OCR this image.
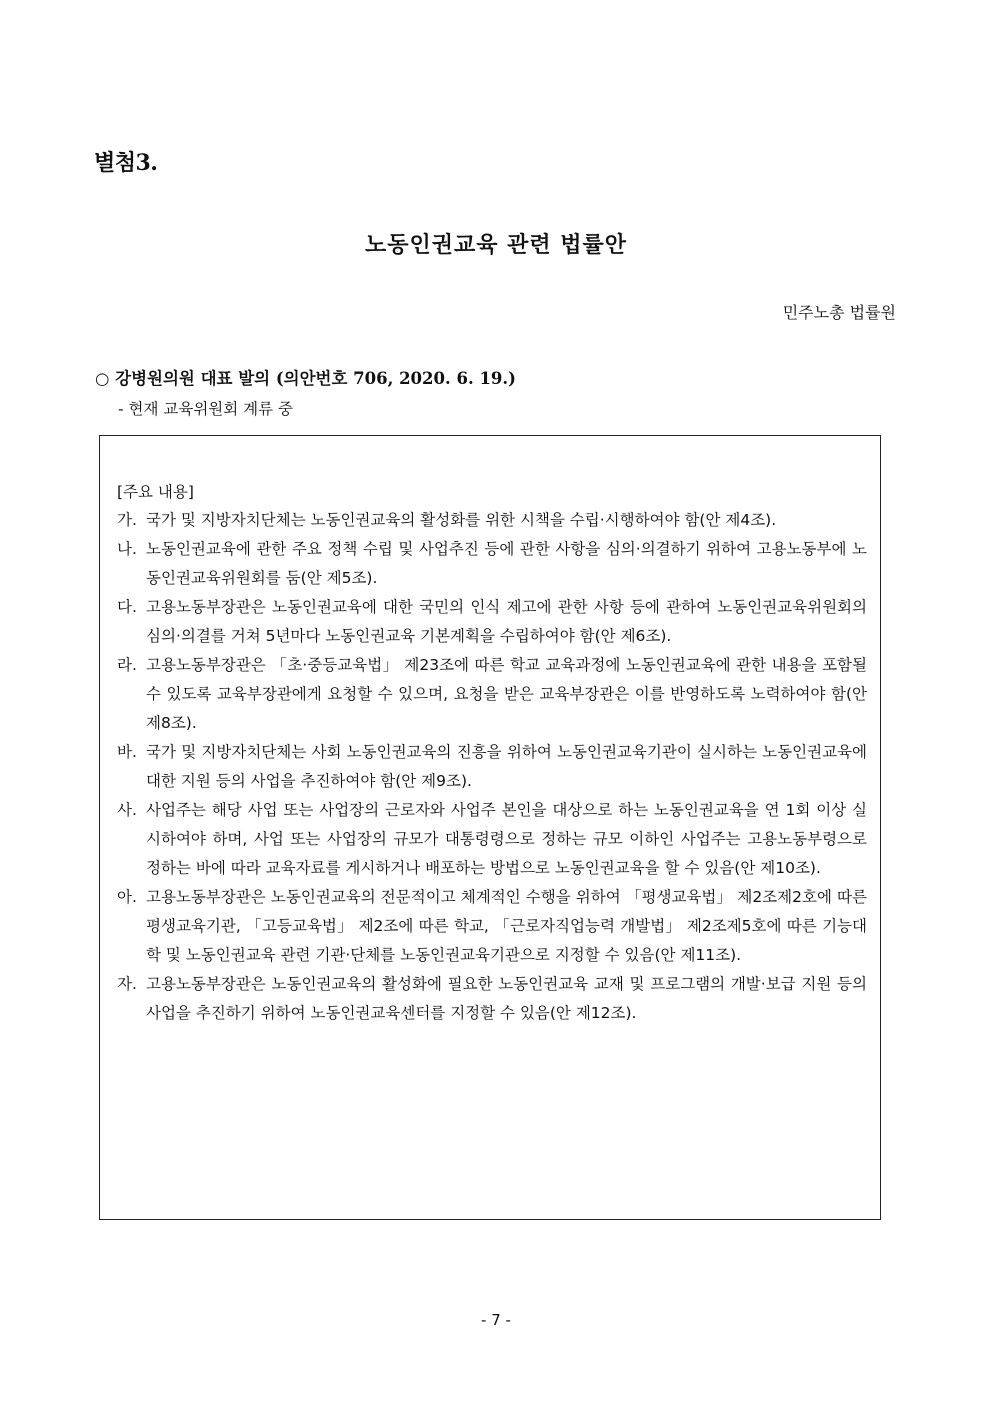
별첨3.
노동인권교육 관련 법률안
민주노총 법률원
○ 강병원의원 대표 발의 (의안번호 706, 2020. 6. 19.)
- 현재 교육위원회 계류 중
[주요 내용]
가. 국가 및 지방자치단체는 노동인권교육의 활성화를 위한 시책을 수립·시행하여야 함(안 제4조).
나. 노동인권교육에 관한 주요 정책 수립 및 사업추진 등에 관한 사항을 심의·의결하기 위하여 고용노동부에 노동인권교육위원회를 둠(안 제5조).
다. 고용노동부장관은 노동인권교육에 대한 국민의 인식 제고에 관한 사항 등에 관하여 노동인권교육위원회의 심의·의결를 거쳐 5년마다 노동인권교육 기본계획을 수립하여야 함(안 제6조).
라. 고용노동부장관은 「초·중등교육법」 제23조에 따른 학교 교육과정에 노동인권교육에 관한 내용을 포함될 수 있도록 교육부장관에게 요청할 수 있으며, 요청을 받은 교육부장관은 이를 반영하도록 노력하여야 함(안 제8조).
바. 국가 및 지방자치단체는 사회 노동인권교육의 진흥을 위하여 노동인권교육기관이 실시하는 노동인권교육에 대한 지원 등의 사업을 추진하여야 함(안 제9조).
사. 사업주는 해당 사업 또는 사업장의 근로자와 사업주 본인을 대상으로 하는 노동인권교육을 연 1회 이상 실시하여야 하며, 사업 또는 사업장의 규모가 대통령령으로 정하는 규모 이하인 사업주는 고용노동부령으로 정하는 바에 따라 교육자료를 게시하거나 배포하는 방법으로 노동인권교육을 할 수 있음(안 제10조).
아. 고용노동부장관은 노동인권교육의 전문적이고 체계적인 수행을 위하여 「평생교육법」 제2조제2호에 따른 평생교육기관, 「고등교육법」 제2조에 따른 학교, 「근로자직업능력 개발법」 제2조제5호에 따른 기능대학 및 노동인권교육 관련 기관·단체를 노동인권교육기관으로 지정할 수 있음(안 제11조).
자. 고용노동부장관은 노동인권교육의 활성화에 필요한 노동인권교육 교재 및 프로그램의 개발·보급 지원 등의 사업을 추진하기 위하여 노동인권교육센터를 지정할 수 있음(안 제12조).
- 7 -
